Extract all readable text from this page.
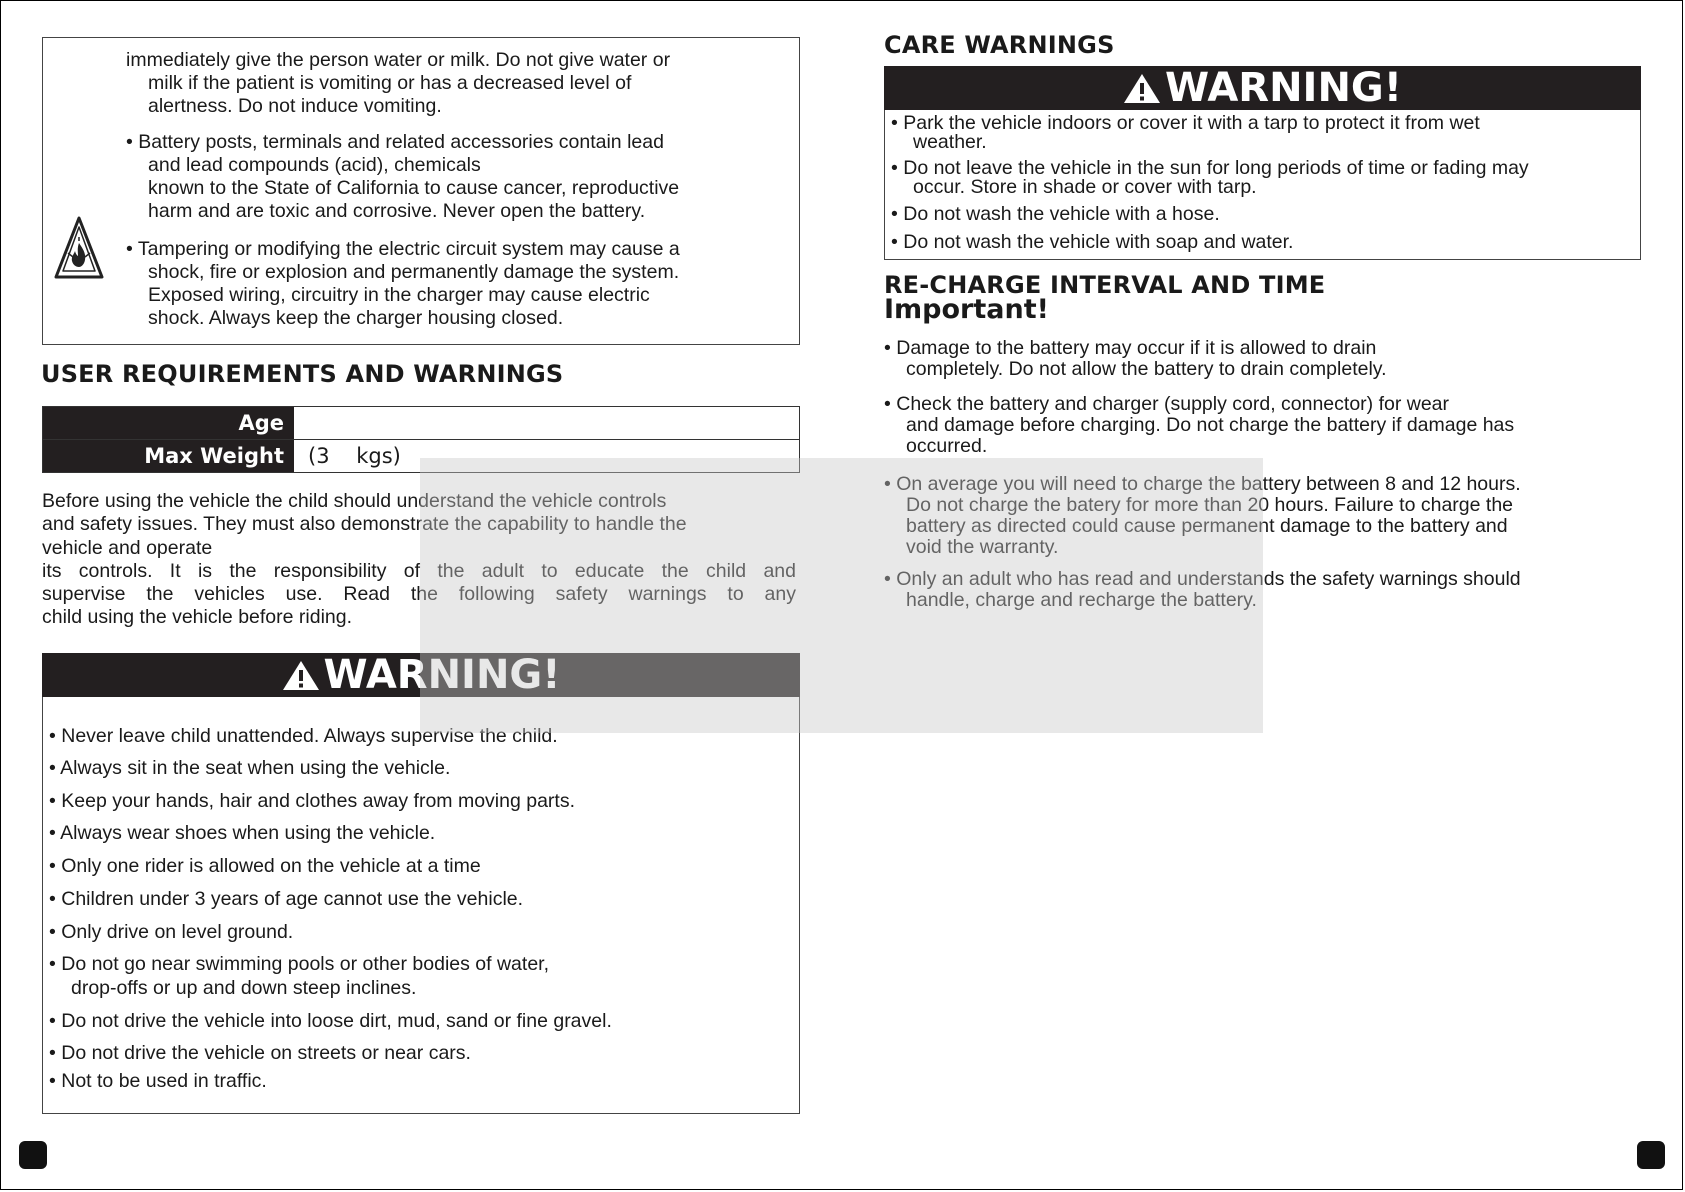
immediately give the person water or milk. Do not give water or
milk if the patient is vomiting or has a decreased level of
alertness. Do not induce vomiting.

• Battery posts, terminals and related accessories contain lead
and lead compounds (acid), chemicals
known to the State of California to cause cancer, reproductive
harm and are toxic and corrosive. Never open the battery.

• Tampering or modifying the electric circuit system may cause a
shock, fire or explosion and permanently damage the system.
Exposed wiring, circuitry in the charger may cause electric
shock. Always keep the charger housing closed.

USER REQUIREMENTS AND WARNINGS
Age
Max Weight	(3    kgs)
Before using the vehicle the child should understand the vehicle controls
and safety issues. They must also demonstrate the capability to handle the
vehicle and operate
its controls. It is the responsibility of the adult to educate the child and
supervise the vehicles use. Read the following safety warnings to any
child using the vehicle before riding.
WARNING!

• Never leave child unattended. Always supervise the child.

• Always sit in the seat when using the vehicle.

• Keep your hands, hair and clothes away from moving parts.

• Always wear shoes when using the vehicle.

• Only one rider is allowed on the vehicle at a time

• Children under 3 years of age cannot use the vehicle.

• Only drive on level ground.

• Do not go near swimming pools or other bodies of water,
drop-offs or up and down steep inclines.

• Do not drive the vehicle into loose dirt, mud, sand or fine gravel.

• Do not drive the vehicle on streets or near cars.

• Not to be used in traffic.

CARE WARNINGS
WARNING!

• Park the vehicle indoors or cover it with a tarp to protect it from wet
weather.

• Do not leave the vehicle in the sun for long periods of time or fading may
occur. Store in shade or cover with tarp.

• Do not wash the vehicle with a hose.

• Do not wash the vehicle with soap and water.

RE-CHARGE INTERVAL AND TIME
Important!

• Damage to the battery may occur if it is allowed to drain
completely. Do not allow the battery to drain completely.

• Check the battery and charger (supply cord, connector) for wear
and damage before charging. Do not charge the battery if damage has
occurred.

• On average you will need to charge the battery between 8 and 12 hours.
Do not charge the batery for more than 20 hours. Failure to charge the
battery as directed could cause permanent damage to the battery and
void the warranty.

• Only an adult who has read and understands the safety warnings should
handle, charge and recharge the battery.
